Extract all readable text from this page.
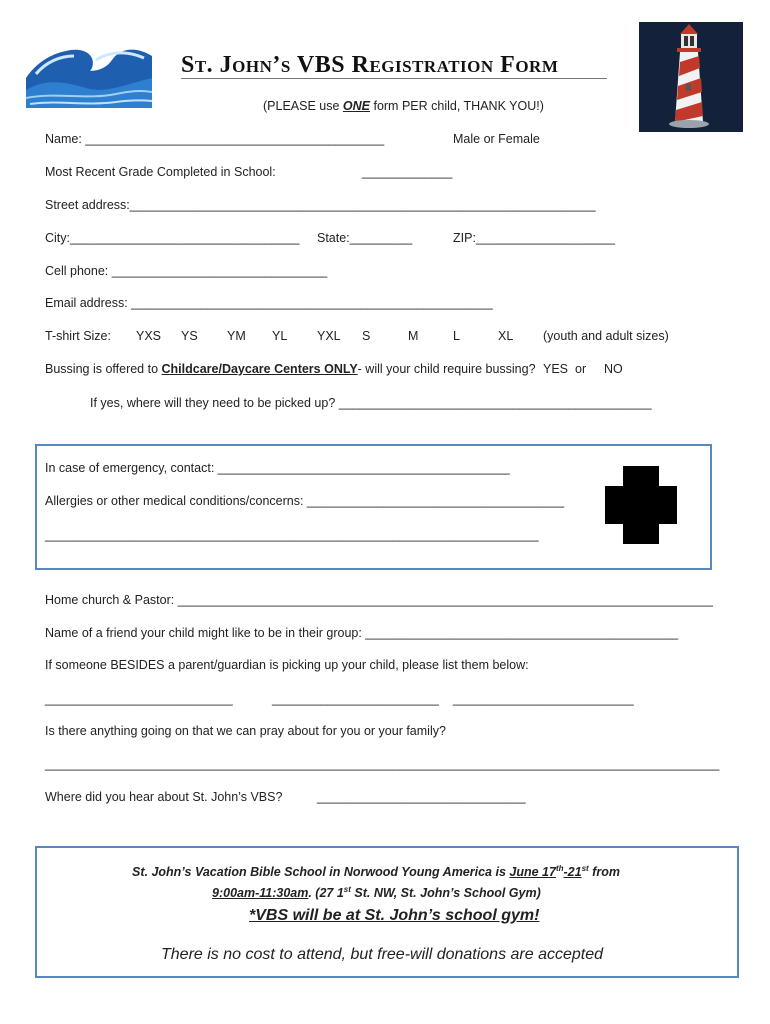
St. John’s VBS Registration Form
(PLEASE use ONE form PER child, THANK YOU!)
Name: ___________________________________________	Male or Female
Most Recent Grade Completed in School:	_____________
Street address:___________________________________________________________________
City:_________________________________ State:_________	ZIP:____________________
Cell phone: _______________________________
Email address: ____________________________________________________
T-shirt Size: YXS YS YM YL YXL S	M	L	XL (youth and adult sizes)
Bussing is offered to Childcare/Daycare Centers ONLY- will your child require bussing? YES or NO
If yes, where will they need to be picked up? _____________________________________________
In case of emergency, contact: __________________________________________
Allergies or other medical conditions/concerns: _____________________________________
_______________________________________________________________________
Home church & Pastor: _____________________________________________________________________________
Name of a friend your child might like to be in their group: _____________________________________________
If someone BESIDES a parent/guardian is picking up your child, please list them below:
___________________________	________________________ __________________________
Is there anything going on that we can pray about for you or your family?
_________________________________________________________________________________________________
Where did you hear about St. John’s VBS?	______________________________
St. John’s Vacation Bible School in Norwood Young America is June 17th-21st from
9:00am-11:30am. (27 1st St. NW, St. John’s School Gym)
*VBS will be at St. John’s school gym!
There is no cost to attend, but free-will donations are accepted
